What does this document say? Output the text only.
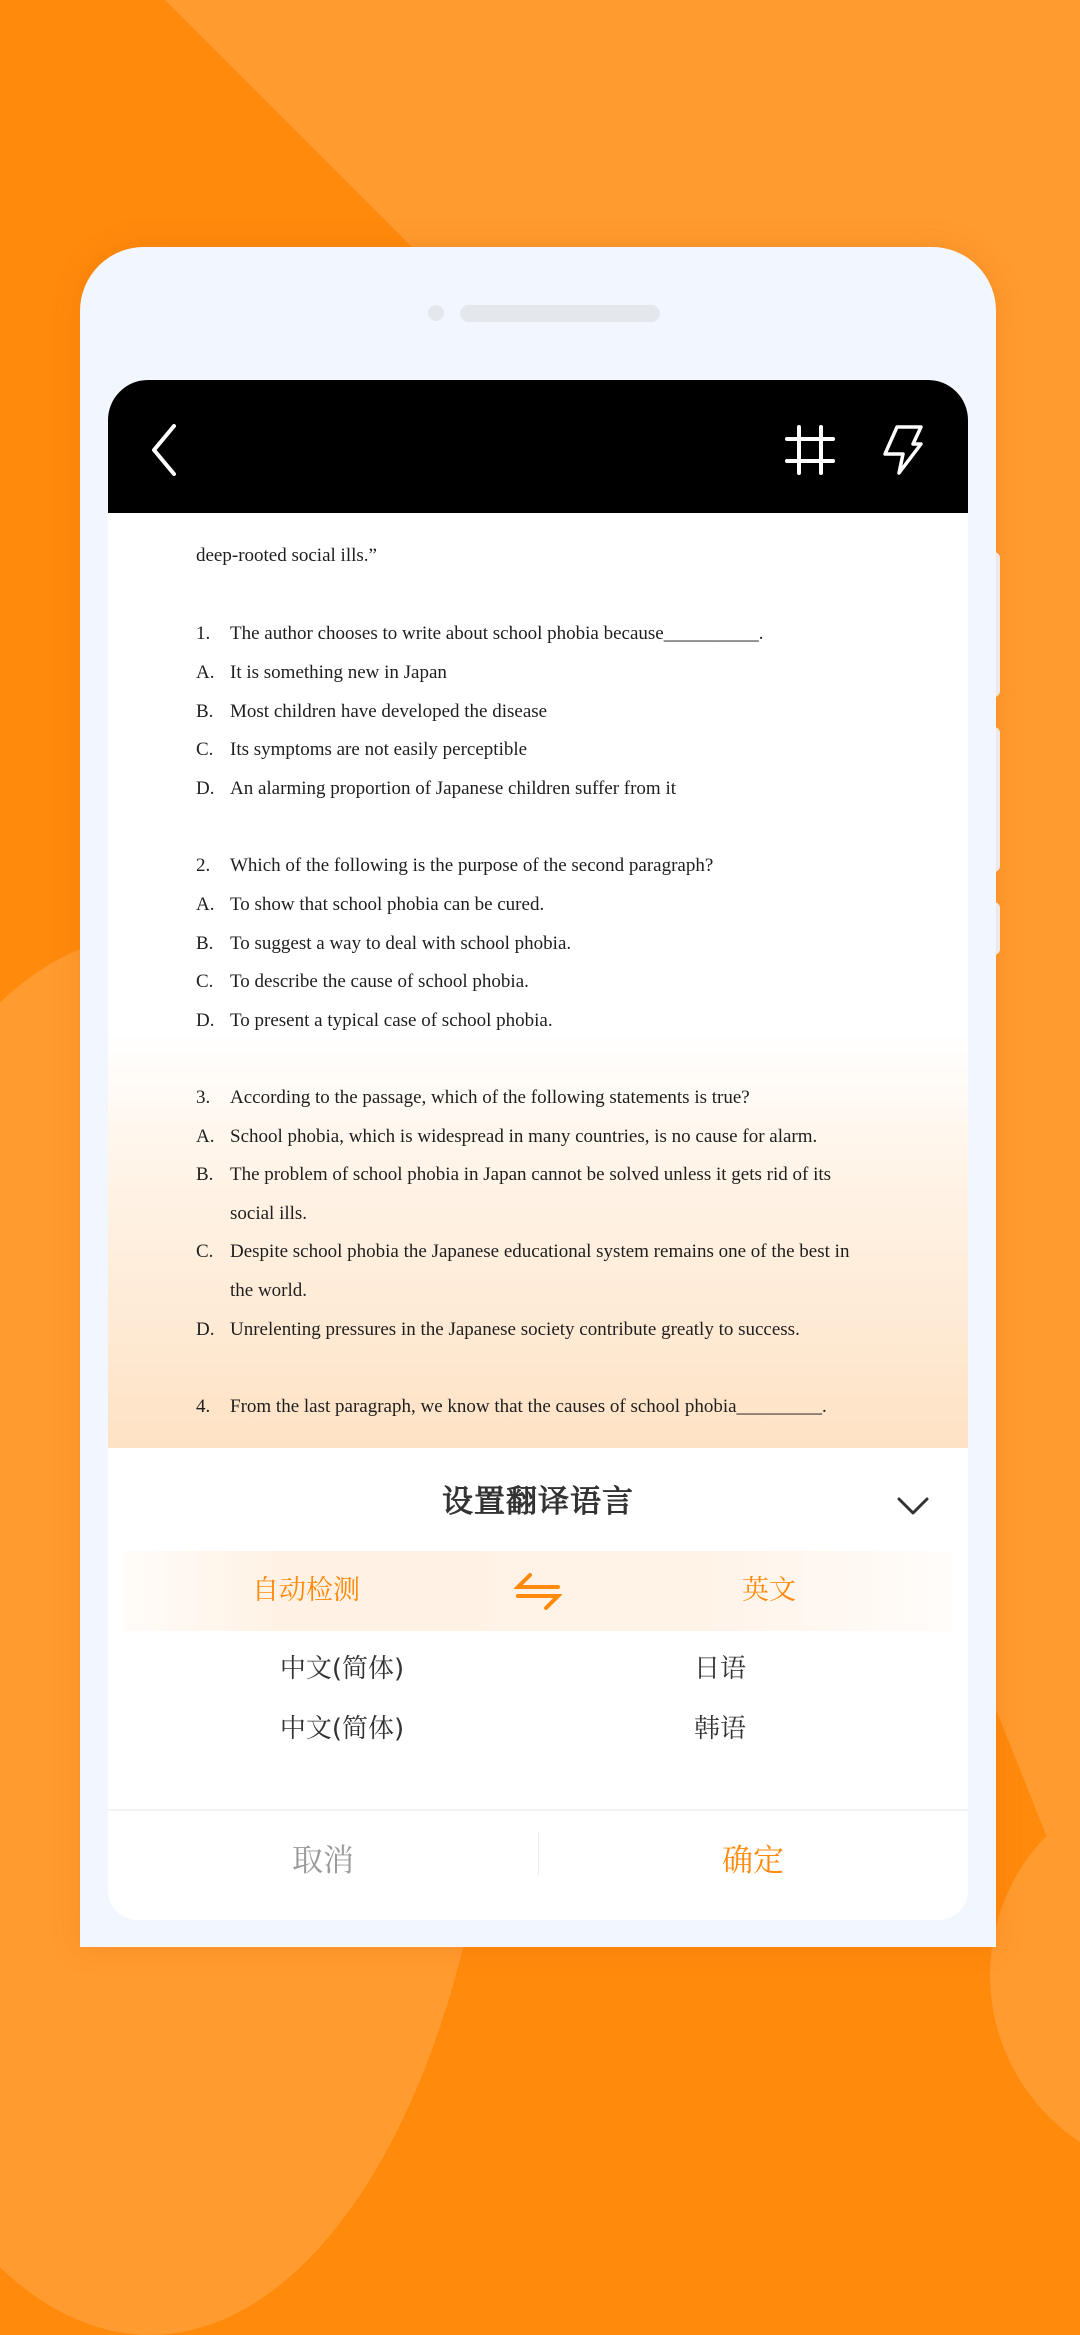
deep-rooted social ills.”
1. The author chooses to write about school phobia because__________.
A. It is something new in Japan
B. Most children have developed the disease
C. Its symptoms are not easily perceptible
D. An alarming proportion of Japanese children suffer from it
2. Which of the following is the purpose of the second paragraph?
A. To show that school phobia can be cured.
B. To suggest a way to deal with school phobia.
C. To describe the cause of school phobia.
D. To present a typical case of school phobia.
3. According to the passage, which of the following statements is true?
A. School phobia, which is widespread in many countries, is no cause for alarm.
B. The problem of school phobia in Japan cannot be solved unless it gets rid of its
social ills.
C. Despite school phobia the Japanese educational system remains one of the best in
the world.
D. Unrelenting pressures in the Japanese society contribute greatly to success.
4. From the last paragraph, we know that the causes of school phobia_________.
设置翻译语言
自动检测	英文
中文(简体)	日语
中文(简体)	韩语
取消	确定
